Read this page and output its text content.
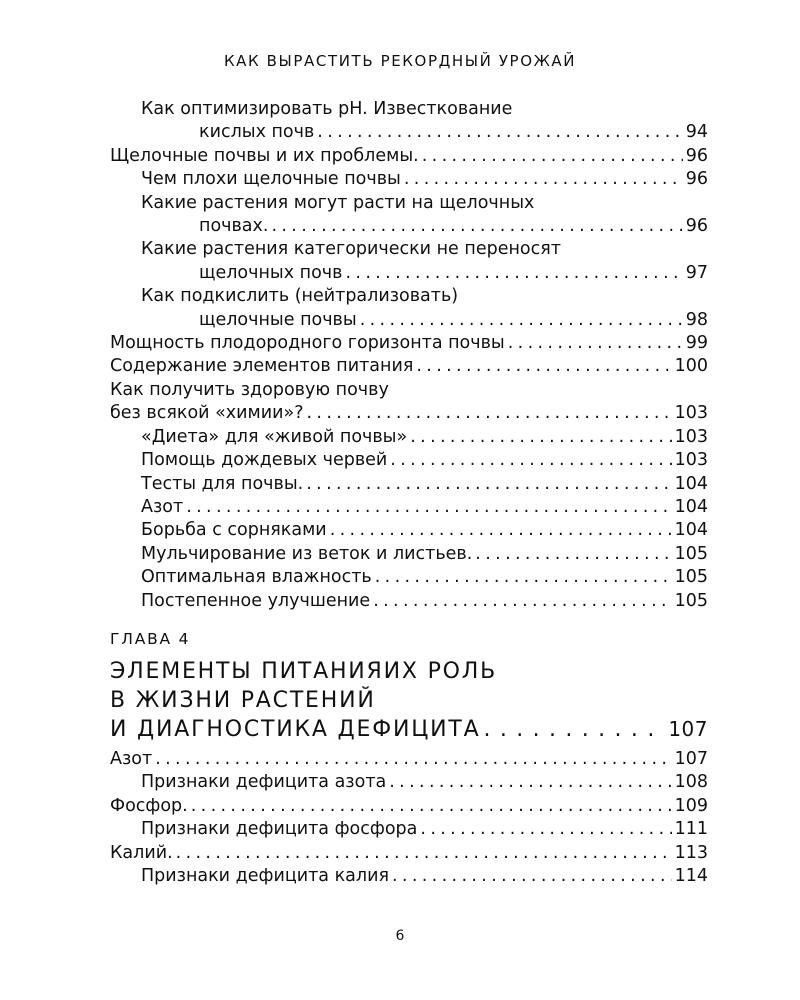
КАК ВЫРАСТИТЬ РЕКОРДНЫЙ УРОЖАЙ
Как оптимизировать pH. Известкование
кислых почв . . .	94
Щелочные почвы и их проблемы. . . .	96
Чем плохи щелочные почвы . . .	96
Какие растения могут расти на щелочных
почвах. . . .	96
Какие растения категорически не переносят
щелочных почв . . .	97
Как подкислить (нейтрализовать)
щелочные почвы . . .	98
Мощность плодородного горизонта почвы . . .	99
Содержание элементов питания . . .	100
Как получить здоровую почву
без всякой «химии»? . . .	103
«Диета» для «живой почвы» . . .	103
Помощь дождевых червей . . .	103
Тесты для почвы. . . .	104
Азот . . .	104
Борьба с сорняками . . .	104
Мульчирование из веток и листьев. . . .	105
Оптимальная влажность . . .	105
Постепенное улучшение . . .	105
ГЛАВА 4
ЭЛЕМЕНТЫ ПИТАНИЯИХ РОЛЬ
В ЖИЗНИ РАСТЕНИЙ
И ДИАГНОСТИКА ДЕФИЦИТА . . .	107
Азот . . .	107
Признаки дефицита азота . . .	108
Фосфор. . . .	109
Признаки дефицита фосфора . . .	111
Калий. . . .	113
Признаки дефицита калия . . .	114
6
